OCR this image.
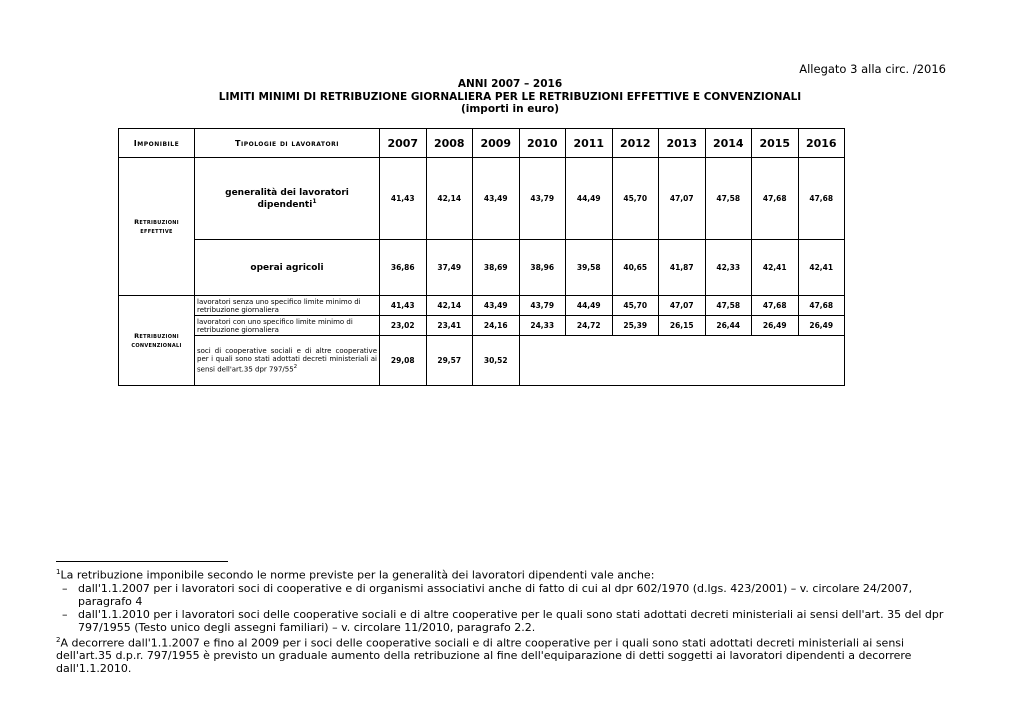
Allegato 3 alla circ. /2016
ANNI 2007 – 2016
LIMITI MINIMI DI RETRIBUZIONE GIORNALIERA PER LE RETRIBUZIONI EFFETTIVE E CONVENZIONALI
(importi in euro)
Imponibile	Tipologie di lavoratori	2007	2008	2009	2010	2011	2012	2013	2014	2015	2016
Retribuzioni effettive	generalità dei lavoratori dipendenti$^1$	41,43	42,14	43,49	43,79	44,49	45,70	47,07	47,58	47,68	47,68
	operai agricoli	36,86	37,49	38,69	38,96	39,58	40,65	41,87	42,33	42,41	42,41
Retribuzioni convenzionali	lavoratori senza uno specifico limite minimo di retribuzione giornaliera	41,43	42,14	43,49	43,79	44,49	45,70	47,07	47,58	47,68	47,68
	lavoratori con uno specifico limite minimo di retribuzione giornaliera	23,02	23,41	24,16	24,33	24,72	25,39	26,15	26,44	26,49	26,49
	soci di cooperative sociali e di altre cooperative per i quali sono stati adottati decreti ministeriali ai sensi dell'art.35 dpr $797/55^2$	29,08	29,57	30,52							

$^1$La retribuzione imponibile secondo le norme previste per la generalità dei lavoratori dipendenti vale anche:

– dall'1.1.2007 per i lavoratori soci di cooperative e di organismi associativi anche di fatto di cui al dpr 602/1970 (d.lgs. 423/2001) – v. circolare 24/2007, paragrafo 4
– dall'1.1.2010 per i lavoratori soci delle cooperative sociali e di altre cooperative per le quali sono stati adottati decreti ministeriali ai sensi dell'art. 35 del dpr 797/1955 (Testo unico degli assegni familiari) – v. circolare 11/2010, paragrafo 2.2.

$^2$A decorrere dall'1.1.2007 e fino al 2009 per i soci delle cooperative sociali e di altre cooperative per i quali sono stati adottati decreti ministeriali ai sensi dell'art.35 d.p.r. 797/1955 è previsto un graduale aumento della retribuzione al fine dell'equiparazione di detti soggetti ai lavoratori dipendenti a decorrere dall'1.1.2010.
